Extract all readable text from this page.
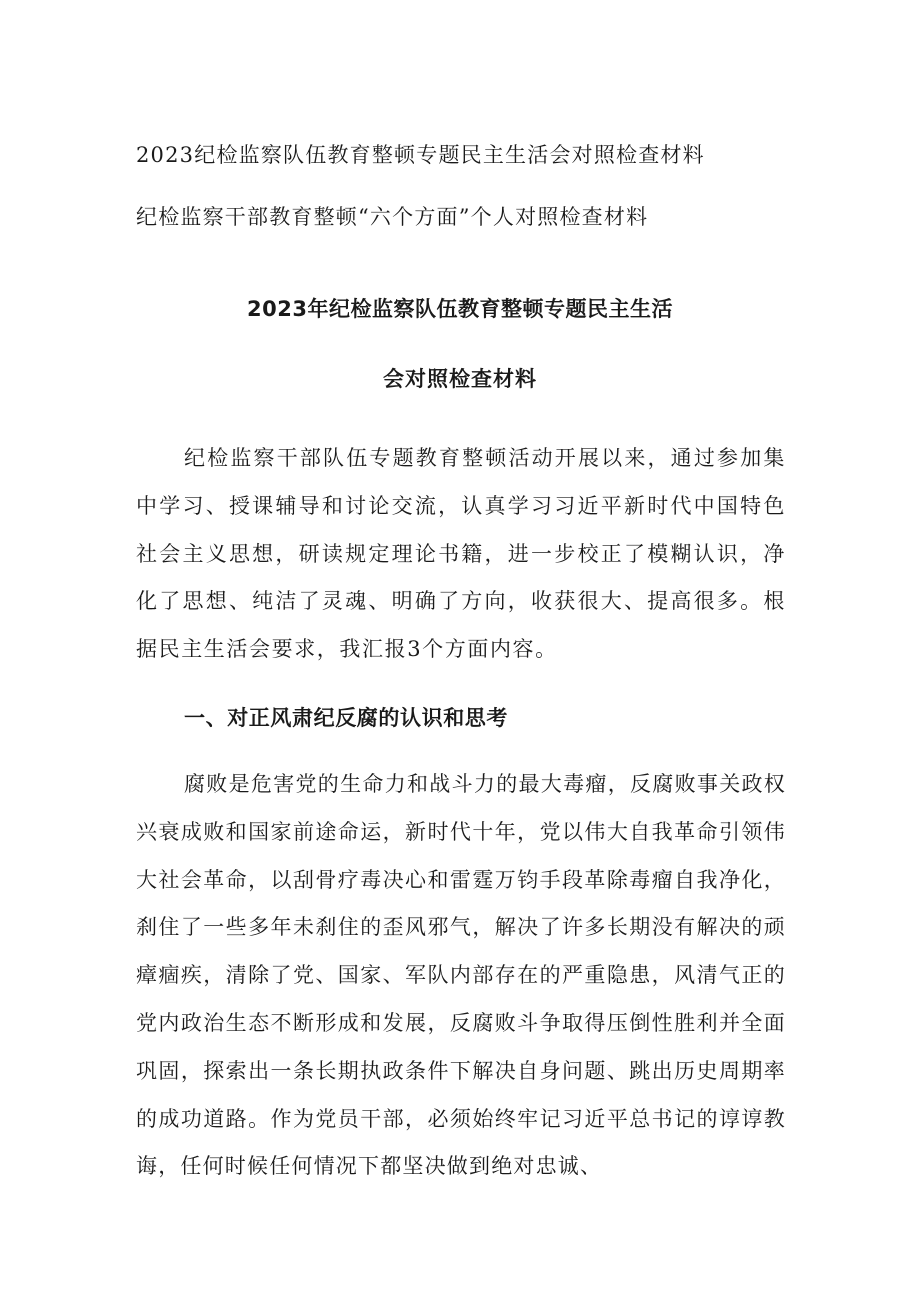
2023纪检监察队伍教育整顿专题民主生活会对照检查材料
纪检监察干部教育整顿“六个方面”个人对照检查材料
2023年纪检监察队伍教育整顿专题民主生活
会对照检查材料

纪检监察干部队伍专题教育整顿活动开展以来，通过参加集中学习、授课辅导和讨论交流，认真学习习近平新时代中国特色社会主义思想，研读规定理论书籍，进一步校正了模糊认识，净化了思想、纯洁了灵魂、明确了方向，收获很大、提高很多。根据民主生活会要求，我汇报3个方面内容。

一、对正风肃纪反腐的认识和思考

腐败是危害党的生命力和战斗力的最大毒瘤，反腐败事关政权兴衰成败和国家前途命运，新时代十年，党以伟大自我革命引领伟大社会革命，以刮骨疗毒决心和雷霆万钧手段革除毒瘤自我净化，刹住了一些多年未刹住的歪风邪气，解决了许多长期没有解决的顽瘴痼疾，清除了党、国家、军队内部存在的严重隐患，风清气正的党内政治生态不断形成和发展，反腐败斗争取得压倒性胜利并全面巩固，探索出一条长期执政条件下解决自身问题、跳出历史周期率的成功道路。作为党员干部，必须始终牢记习近平总书记的谆谆教诲，任何时候任何情况下都坚决做到绝对忠诚、
